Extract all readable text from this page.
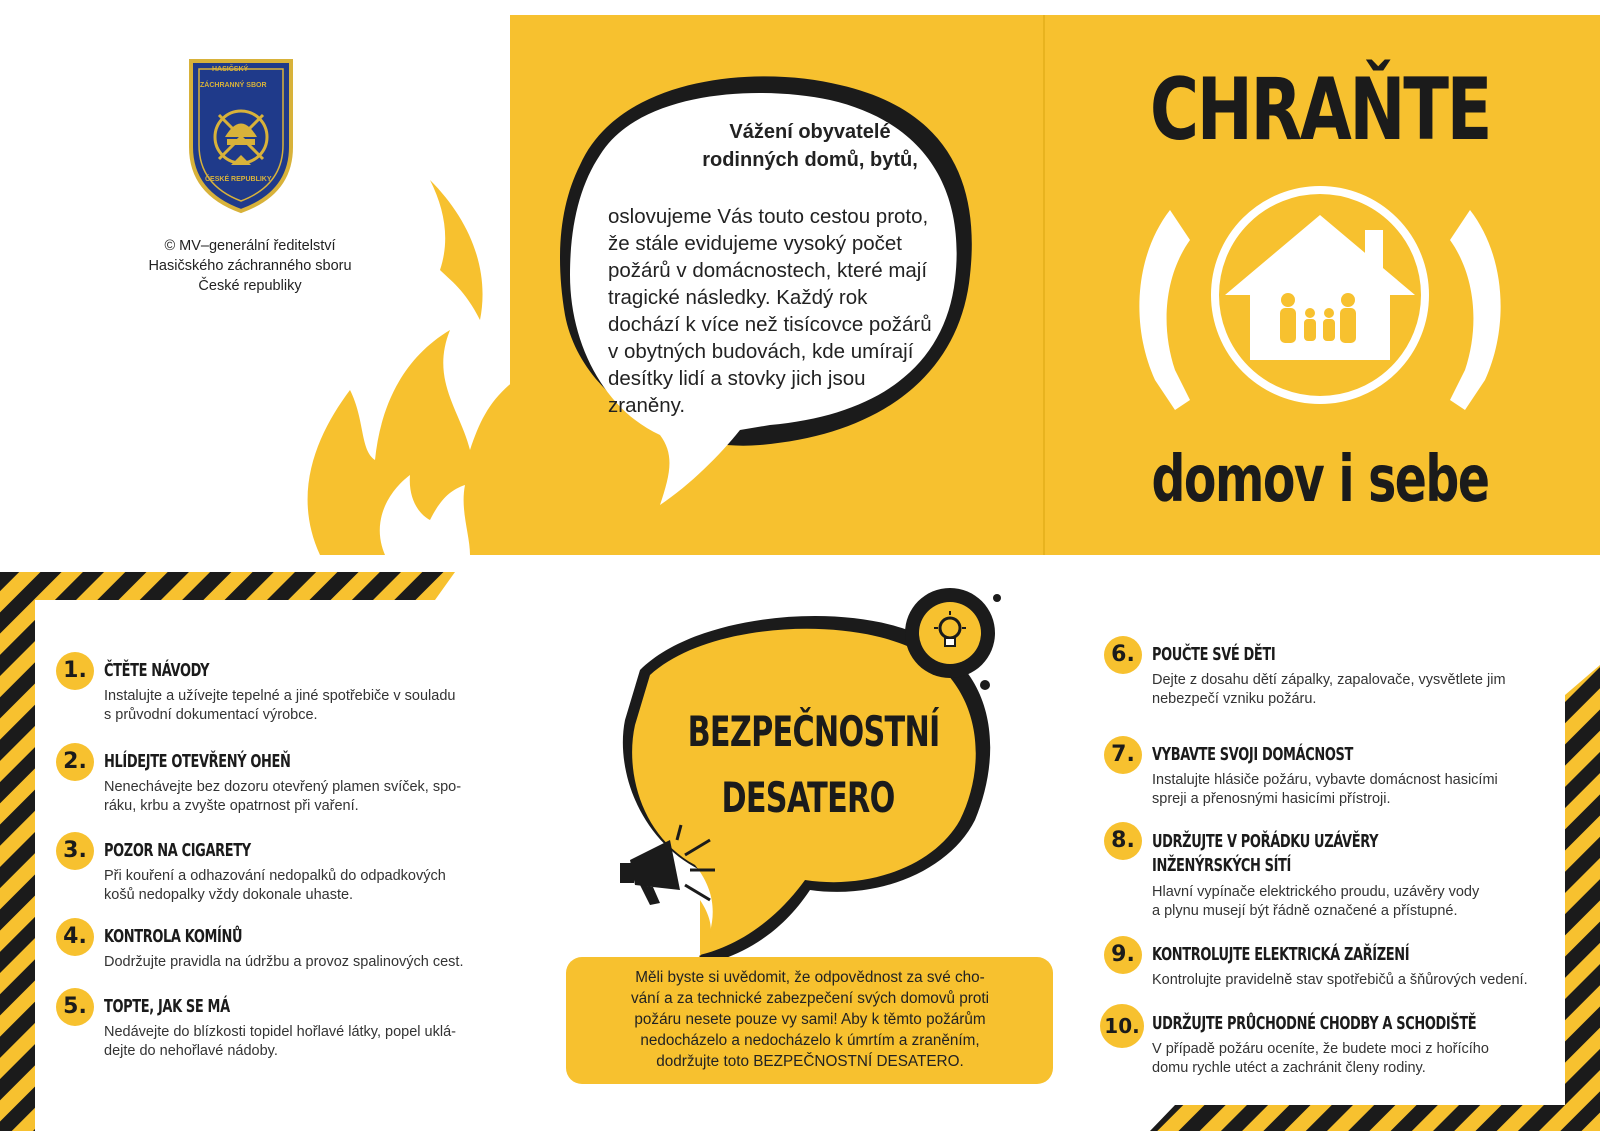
HASIČSKÝ
ZÁCHRANNÝ SBOR
ČESKÉ REPUBLIKY
© MV–generální ředitelství
Hasičského záchranného sboru
České republiky
Vážení obyvatelé
rodinných domů, bytů,
oslovujeme Vás touto cestou proto,
že stále evidujeme vysoký počet
požárů v domácnostech, které mají
tragické následky. Každý rok
dochází k více než tisícovce požárů
v obytných budovách, kde umírají
desítky lidí a stovky jich jsou
zraněny.
CHRAŇTE
domov i sebe
BEZPEČNOSTNÍ
DESATERO
1. ČTĚTE NÁVODY
Instalujte a užívejte tepelné a jiné spotřebiče v souladu
s průvodní dokumentací výrobce.
2. HLÍDEJTE OTEVŘENÝ OHEŇ
Nenechávejte bez dozoru otevřený plamen svíček, spo-
ráku, krbu a zvyšte opatrnost při vaření.
3. POZOR NA CIGARETY
Při kouření a odhazování nedopalků do odpadkových
košů nedopalky vždy dokonale uhaste.
4. KONTROLA KOMÍNŮ
Dodržujte pravidla na údržbu a provoz spalinových cest.
5. TOPTE, JAK SE MÁ
Nedávejte do blízkosti topidel hořlavé látky, popel uklá-
dejte do nehořlavé nádoby.
Měli byste si uvědomit, že odpovědnost za své cho-
vání a za technické zabezpečení svých domovů proti
požáru nesete pouze vy sami! Aby k těmto požárům
nedocházelo a nedocházelo k úmrtím a zraněním,
dodržujte toto BEZPEČNOSTNÍ DESATERO.
6. POUČTE SVÉ DĚTI
Dejte z dosahu dětí zápalky, zapalovače, vysvětlete jim
nebezpečí vzniku požáru.
7. VYBAVTE SVOJI DOMÁCNOST
Instalujte hlásiče požáru, vybavte domácnost hasicími
spreji a přenosnými hasicími přístroji.
8. UDRŽUJTE V POŘÁDKU UZÁVĚRY
INŽENÝRSKÝCH SÍTÍ
Hlavní vypínače elektrického proudu, uzávěry vody
a plynu musejí být řádně označené a přístupné.
9. KONTROLUJTE ELEKTRICKÁ ZAŘÍZENÍ
Kontrolujte pravidelně stav spotřebičů a šňůrových vedení.
10. UDRŽUJTE PRŮCHODNÉ CHODBY A SCHODIŠTĚ
V případě požáru oceníte, že budete moci z hořícího
domu rychle utéct a zachránit členy rodiny.
